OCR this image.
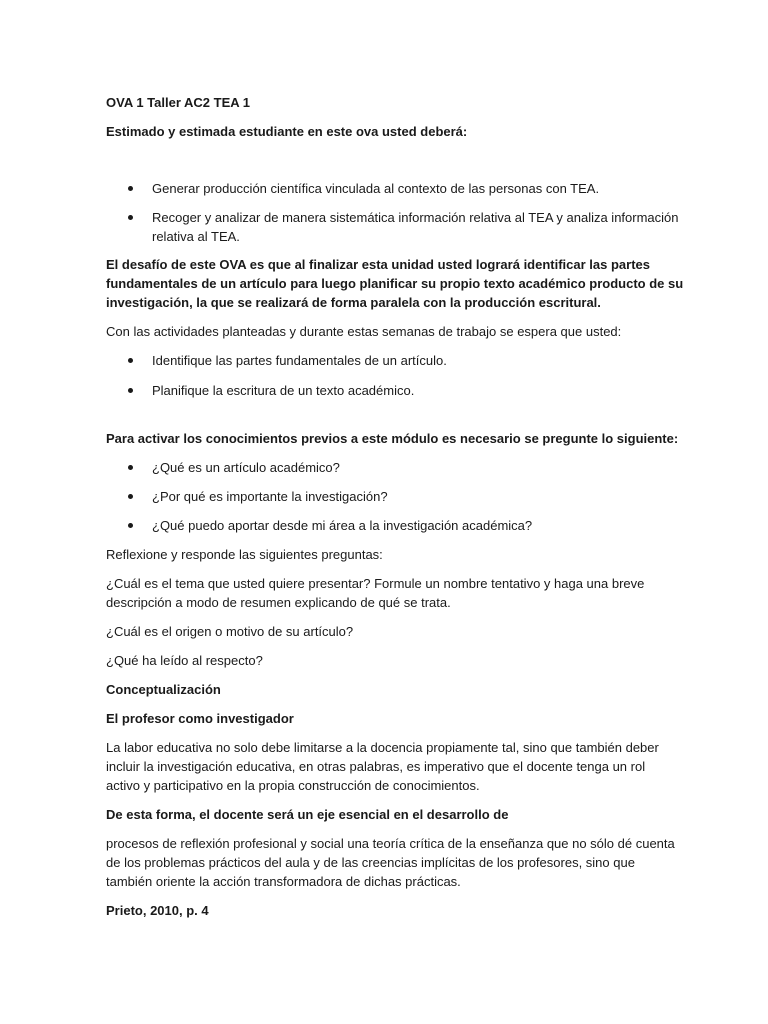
OVA 1 Taller AC2 TEA 1

Estimado y estimada estudiante en este ova usted deberá:

Generar producción científica vinculada al contexto de las personas con TEA.

Recoger y analizar de manera sistemática información relativa al TEA y analiza información

relativa al TEA.

El desafío de este OVA es que al finalizar esta unidad usted logrará identificar las partes

fundamentales de un artículo para luego planificar su propio texto académico producto de su

investigación, la que se realizará de forma paralela con la producción escritural.

Con las actividades planteadas y durante estas semanas de trabajo se espera que usted:

Identifique las partes fundamentales de un artículo.

Planifique la escritura de un texto académico.

Para activar los conocimientos previos a este módulo es necesario se pregunte lo siguiente:

¿Qué es un artículo académico?

¿Por qué es importante la investigación?

¿Qué puedo aportar desde mi área a la investigación académica?

Reflexione y responde las siguientes preguntas:

¿Cuál es el tema que usted quiere presentar? Formule un nombre tentativo y haga una breve

descripción a modo de resumen explicando de qué se trata.

¿Cuál es el origen o motivo de su artículo?

¿Qué ha leído al respecto?

Conceptualización

El profesor como investigador

La labor educativa no solo debe limitarse a la docencia propiamente tal, sino que también deber

incluir la investigación educativa, en otras palabras, es imperativo que el docente tenga un rol

activo y participativo en la propia construcción de conocimientos.

De esta forma, el docente será un eje esencial en el desarrollo de

procesos de reflexión profesional y social una teoría crítica de la enseñanza que no sólo dé cuenta

de los problemas prácticos del aula y de las creencias implícitas de los profesores, sino que

también oriente la acción transformadora de dichas prácticas.

Prieto, 2010, p. 4
